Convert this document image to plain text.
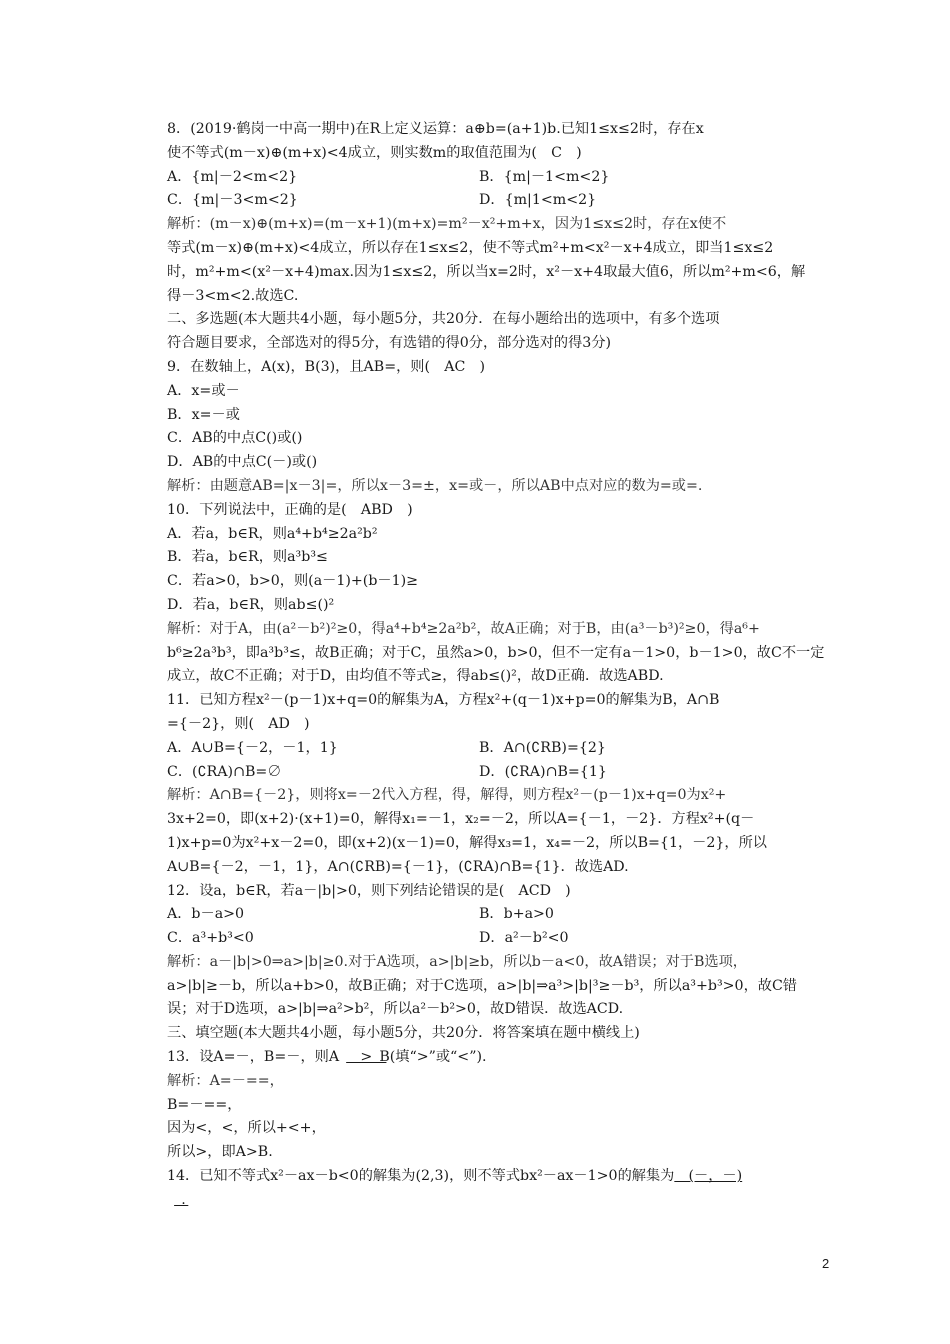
8．(2019·鹤岗一中高一期中)在R上定义运算：a⊕b=(a+1)b.已知1≤x≤2时，存在x
使不等式(m－x)⊕(m+x)<4成立，则实数m的取值范围为(　C　)
A．{m|－2<m<2}	B．{m|－1<m<2}
C．{m|－3<m<2}	D．{m|1<m<2}
解析：(m－x)⊕(m+x)=(m－x+1)(m+x)=m²－x²+m+x，因为1≤x≤2时，存在x使不
等式(m－x)⊕(m+x)<4成立，所以存在1≤x≤2，使不等式m²+m<x²－x+4成立，即当1≤x≤2
时，m²+m<(x²－x+4)max.因为1≤x≤2，所以当x=2时，x²－x+4取最大值6，所以m²+m<6，解
得－3<m<2.故选C.
二、多选题(本大题共4小题，每小题5分，共20分．在每小题给出的选项中，有多个选项
符合题目要求，全部选对的得5分，有选错的得0分，部分选对的得3分)
9．在数轴上，A(x)，B(3)，且AB=，则(　AC　)
A．x=或－
B．x=－或
C．AB的中点C()或()
D．AB的中点C(－)或()
解析：由题意AB=|x－3|=，所以x－3=±，x=或－，所以AB中点对应的数为=或=.
10．下列说法中，正确的是(　ABD　)
A．若a，b∈R，则a⁴+b⁴≥2a²b²
B．若a，b∈R，则a³b³≤
C．若a>0，b>0，则(a－1)+(b－1)≥
D．若a，b∈R，则ab≤()²
解析：对于A，由(a²－b²)²≥0，得a⁴+b⁴≥2a²b²，故A正确；对于B，由(a³－b³)²≥0，得a⁶+
b⁶≥2a³b³，即a³b³≤，故B正确；对于C，虽然a>0，b>0，但不一定有a－1>0，b－1>0，故C不一定
成立，故C不正确；对于D，由均值不等式≥，得ab≤()²，故D正确．故选ABD.
11．已知方程x²－(p－1)x+q=0的解集为A，方程x²+(q－1)x+p=0的解集为B，A∩B
={－2}，则(　AD　)
A．A∪B={－2，－1，1}	B．A∩(∁RB)={2}
C．(∁RA)∩B=∅	D．(∁RA)∩B={1}
解析：A∩B={－2}，则将x=－2代入方程，得，解得，则方程x²－(p－1)x+q=0为x²+
3x+2=0，即(x+2)·(x+1)=0，解得x₁=－1，x₂=－2，所以A={－1，－2}．方程x²+(q－
1)x+p=0为x²+x－2=0，即(x+2)(x－1)=0，解得x₃=1，x₄=－2，所以B={1，－2}，所以
A∪B={－2，－1，1}，A∩(∁RB)={－1}，(∁RA)∩B={1}．故选AD.
12．设a，b∈R，若a－|b|>0，则下列结论错误的是(　ACD　)
A．b－a>0	B．b+a>0
C．a³+b³<0	D．a²－b²<0
解析：a－|b|>0⇒a>|b|≥0.对于A选项，a>|b|≥b，所以b－a<0，故A错误；对于B选项，
a>|b|≥－b，所以a+b>0，故B正确；对于C选项，a>|b|⇒a³>|b|³≥－b³，所以a³+b³>0，故C错
误；对于D选项，a>|b|⇒a²>b²，所以a²－b²>0，故D错误．故选ACD.
三、填空题(本大题共4小题，每小题5分，共20分．将答案填在题中横线上)
13．设A=－，B=－，则A　>　B(填“>”或“<”).
解析：A=－==，
B=－==，
因为<，<，所以+<+，
所以>，即A>B.
14．已知不等式x²－ax－b<0的解集为(2,3)，则不等式bx²－ax－1>0的解集为　(－，－)
　.
2
